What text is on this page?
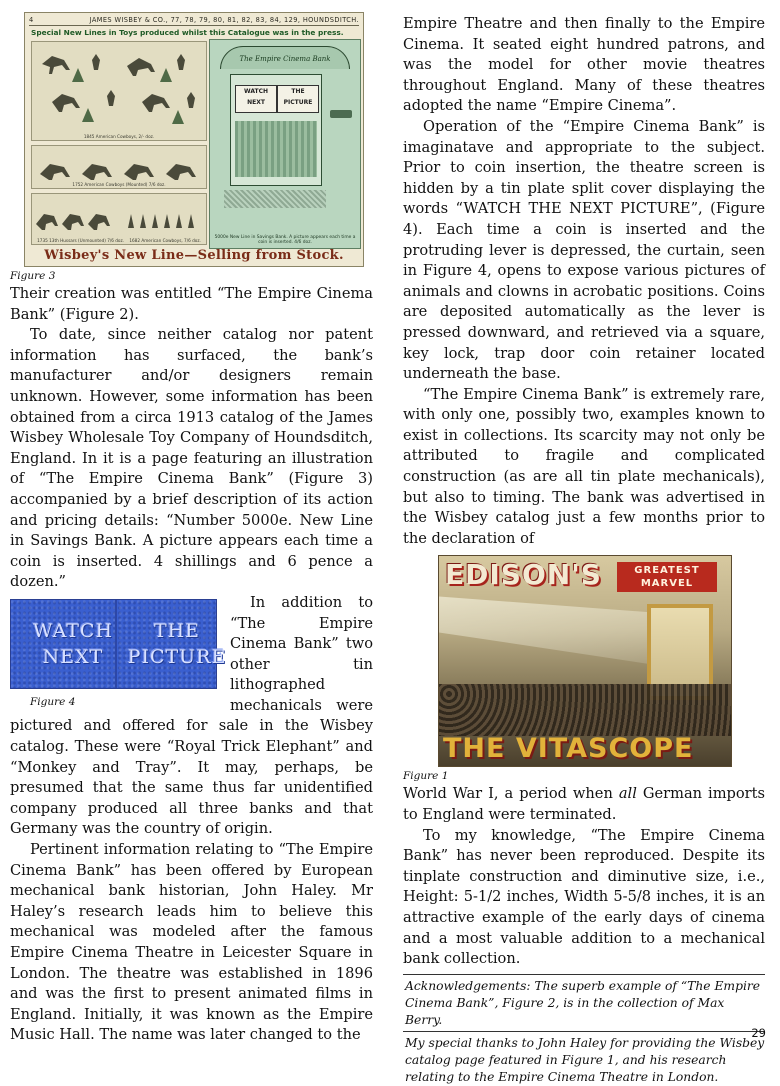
4	JAMES WISBEY & CO., 77, 78, 79, 80, 81, 82, 83, 84, 129, HOUNDSDITCH.
Special New Lines in Toys produced whilst this Catalogue was in the press.
1845 American Cowboys, 2/- doz.
1752 American Cowboys (Mounted) 7/6 doz.
1735 13th Hussars (Unmounted) 7/6 doz.    1682 American Cowboys, 7/6 doz.
The Empire Cinema Bank
WATCH
NEXT
THE
PICTURE
5000e New Line in Savings Bank. A picture appears each time a coin is inserted. 4/6 doz.
Wisbey's New Line—Selling from Stock.
Figure 3

Their creation was entitled “The Empire Cinema Bank” (Figure 2).

To date, since neither catalog nor patent information has surfaced, the bank’s manufacturer and/or designers remain unknown. However, some information has been obtained from a circa 1913 catalog of the James Wisbey Wholesale Toy Company of Houndsditch, England. In it is a page featuring an illustration of “The Empire Cinema Bank” (Figure 3) accompanied by a brief description of its action and pricing details: “Number 5000e. New Line in Savings Bank. A picture appears each time a coin is inserted. 4 shillings and 6 pence a dozen.”

WATCH
NEXT
THE
PICTURE
Figure 4
In addition to “The Empire Cinema Bank” two other tin lithographed mechanicals were pictured and offered for sale in the Wisbey catalog. These were “Royal Trick Elephant” and “Monkey and Tray”. It may, perhaps, be presumed that the same thus far unidentified company produced all three banks and that Germany was the country of origin.

Pertinent information relating to “The Empire Cinema Bank” has been offered by European mechanical bank historian, John Haley. Mr Haley’s research leads him to believe this mechanical was modeled after the famous Empire Cinema Theatre in Leicester Square in London. The theatre was established in 1896 and was the first to present animated films in England. Initially, it was known as the Empire Music Hall. The name was later changed to the

Empire Theatre and then finally to the Empire Cinema. It seated eight hundred patrons, and was the model for other movie theatres throughout England. Many of these theatres adopted the name “Empire Cinema”.

Operation of the “Empire Cinema Bank” is imaginatave and appropriate to the subject. Prior to coin insertion, the theatre screen is hidden by a tin plate split cover displaying the words “WATCH THE NEXT PICTURE”, (Figure 4). Each time a coin is inserted and the protruding lever is depressed, the curtain, seen in Figure 4, opens to expose various pictures of animals and clowns in acrobatic positions. Coins are deposited automatically as the lever is pressed downward, and retrieved via a square, key lock, trap door coin retainer located underneath the base.

“The Empire Cinema Bank” is extremely rare, with only one, possibly two, examples known to exist in collections. Its scarcity may not only be attributed to fragile and complicated construction (as are all tin plate mechanicals), but also to timing. The bank was advertised in the Wisbey catalog just a few months prior to the declaration of

EDISON'S	GREATEST
MARVEL
THE VITASCOPE
Figure 1

World War I, a period when all German imports to England were terminated.

To my knowledge, “The Empire Cinema Bank” has never been reproduced. Despite its tinplate construction and diminutive size, i.e., Height: 5-1/2 inches, Width 5-5/8 inches, it is an attractive example of the early days of cinema and a most valuable addition to a mechanical bank collection.

Acknowledgements: The superb example of “The Empire Cinema Bank”, Figure 2, is in the collection of Max Berry.

My special thanks to John Haley for providing the Wisbey catalog page featured in Figure 1, and his research relating to the Empire Cinema Theatre in London.

29
